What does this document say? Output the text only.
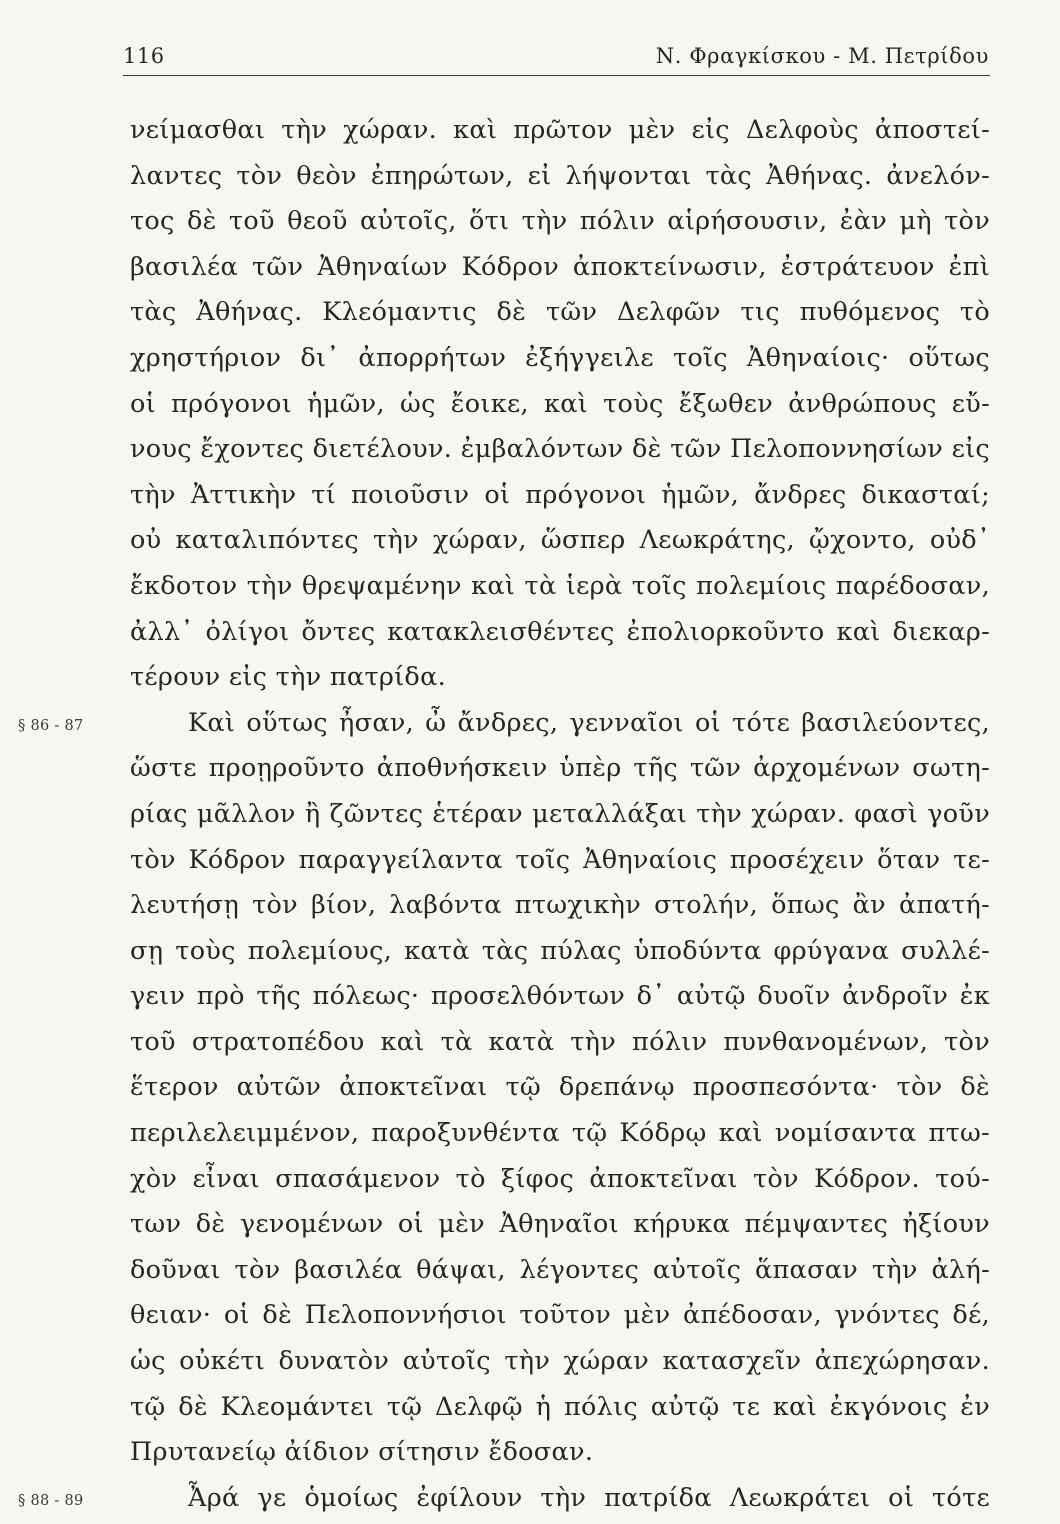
116	Ν. Φραγκίσκου - Μ. Πετρίδου
νείμασθαι τὴν χώραν. καὶ πρῶτον μὲν εἰς Δελφοὺς ἀποστεί-
λαντες τὸν θεὸν ἐπηρώτων, εἰ λήψονται τὰς Ἀθήνας. ἀνελόν-
τος δὲ τοῦ θεοῦ αὐτοῖς, ὅτι τὴν πόλιν αἱρήσουσιν, ἐὰν μὴ τὸν
βασιλέα τῶν Ἀθηναίων Κόδρον ἀποκτείνωσιν, ἐστράτευον ἐπὶ
τὰς Ἀθήνας. Κλεόμαντις δὲ τῶν Δελφῶν τις πυθόμενος τὸ
χρηστήριον δι᾽ ἀπορρήτων ἐξήγγειλε τοῖς Ἀθηναίοις· οὕτως
οἱ πρόγονοι ἡμῶν, ὡς ἔοικε, καὶ τοὺς ἔξωθεν ἀνθρώπους εὔ-
νους ἔχοντες διετέλουν. ἐμβαλόντων δὲ τῶν Πελοποννησίων εἰς
τὴν Ἀττικὴν τί ποιοῦσιν οἱ πρόγονοι ἡμῶν, ἄνδρες δικασταί;
οὐ καταλιπόντες τὴν χώραν, ὥσπερ Λεωκράτης, ᾤχοντο, οὐδ᾽
ἔκδοτον τὴν θρεψαμένην καὶ τὰ ἱερὰ τοῖς πολεμίοις παρέδοσαν,
ἀλλ᾽ ὀλίγοι ὄντες κατακλεισθέντες ἐπολιορκοῦντο καὶ διεκαρ-
τέρουν εἰς τὴν πατρίδα.
§ 86 - 87	Καὶ οὕτως ἦσαν, ὦ ἄνδρες, γενναῖοι οἱ τότε βασιλεύοντες,
ὥστε προῃροῦντο ἀποθνήσκειν ὑπὲρ τῆς τῶν ἀρχομένων σωτη-
ρίας μᾶλλον ἢ ζῶντες ἑτέραν μεταλλάξαι τὴν χώραν. φασὶ γοῦν
τὸν Κόδρον παραγγείλαντα τοῖς Ἀθηναίοις προσέχειν ὅταν τε-
λευτήσῃ τὸν βίον, λαβόντα πτωχικὴν στολήν, ὅπως ἂν ἀπατή-
σῃ τοὺς πολεμίους, κατὰ τὰς πύλας ὑποδύντα φρύγανα συλλέ-
γειν πρὸ τῆς πόλεως· προσελθόντων δ᾽ αὐτῷ δυοῖν ἀνδροῖν ἐκ
τοῦ στρατοπέδου καὶ τὰ κατὰ τὴν πόλιν πυνθανομένων, τὸν
ἕτερον αὐτῶν ἀποκτεῖναι τῷ δρεπάνῳ προσπεσόντα· τὸν δὲ
περιλελειμμένον, παροξυνθέντα τῷ Κόδρῳ καὶ νομίσαντα πτω-
χὸν εἶναι σπασάμενον τὸ ξίφος ἀποκτεῖναι τὸν Κόδρον. τού-
των δὲ γενομένων οἱ μὲν Ἀθηναῖοι κήρυκα πέμψαντες ἠξίουν
δοῦναι τὸν βασιλέα θάψαι, λέγοντες αὐτοῖς ἅπασαν τὴν ἀλή-
θειαν· οἱ δὲ Πελοποννήσιοι τοῦτον μὲν ἀπέδοσαν, γνόντες δέ,
ὡς οὐκέτι δυνατὸν αὐτοῖς τὴν χώραν κατασχεῖν ἀπεχώρησαν.
τῷ δὲ Κλεομάντει τῷ Δελφῷ ἡ πόλις αὐτῷ τε καὶ ἐκγόνοις ἐν
Πρυτανείῳ ἀίδιον σίτησιν ἔδοσαν.
§ 88 - 89	Ἆρά γε ὁμοίως ἐφίλουν τὴν πατρίδα Λεωκράτει οἱ τότε
